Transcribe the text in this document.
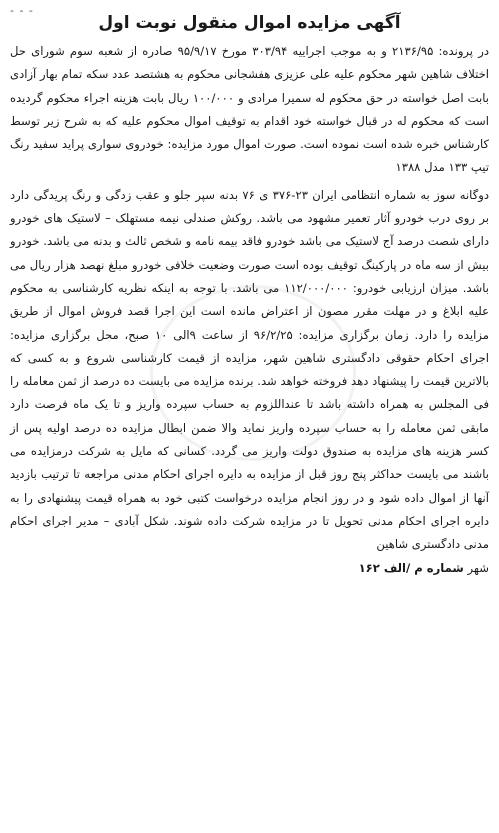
- - -
آگهی مزایده اموال منقول نوبت اول

در پرونده: ۲۱۳۶/۹۵ و به موجب اجراییه ۳۰۳/۹۴ مورخ ۹۵/۹/۱۷ صادره از شعبه سوم شورای حل اختلاف شاهین شهر محکوم علیه علی عزیزی هفشجانی محکوم به هشتصد عدد سکه تمام بهار آزادی بابت اصل خواسته در حق محکوم له سمیرا مرادی و ۱۰۰/۰۰۰ ریال بابت هزینه اجراء محکوم گردیده است که محکوم له در قبال خواسته خود اقدام به توقیف اموال محکوم علیه که به شرح زیر توسط کارشناس خبره شده است نموده است. صورت اموال مورد مزایده: خودروی سواری پراید سفید رنگ تیپ ۱۳۳ مدل ۱۳۸۸

دوگانه سوز به شماره انتظامی ایران ۲۳-۳۷۶ ی ۷۶ بدنه سپر جلو و عقب زدگی و رنگ پریدگی دارد بر روی درب خودرو آثار تعمیر مشهود می باشد. روکش صندلی نیمه مستهلک – لاستیک های خودرو دارای شصت درصد آج لاستیک می باشد خودرو فاقد بیمه نامه و شخص ثالث و بدنه می باشد. خودرو بیش از سه ماه در پارکینگ توقیف بوده است صورت وضعیت خلافی خودرو مبلغ نهصد هزار ریال می باشد. میزان ارزیابی خودرو: ۱۱۲/۰۰۰/۰۰۰ می باشد. با توجه به اینکه نظریه کارشناسی به محکوم علیه ابلاغ و در مهلت مقرر مصون از اعتراض مانده است این اجرا قصد فروش اموال از طریق مزایده را دارد. زمان برگزاری مزایده: ۹۶/۲/۲۵ از ساعت ۹الی ۱۰ صبح، محل برگزاری مزایده: اجرای احکام حقوقی دادگستری شاهین شهر، مزایده از قیمت کارشناسی شروع و به کسی که بالاترین قیمت را پیشنهاد دهد فروخته خواهد شد. برنده مزایده می بایست ده درصد از ثمن معامله را فی المجلس به همراه داشته باشد تا عنداللزوم به حساب سپرده واریز و تا یک ماه فرصت دارد مابقی ثمن معامله را به حساب سپرده واریز نماید والا ضمن ابطال مزایده ده درصد اولیه پس از کسر هزینه های مزایده به صندوق دولت واریز می گردد. کسانی که مایل به شرکت درمزایده می باشند می بایست حداکثر پنج روز قبل از مزایده به دایره اجرای احکام مدنی مراجعه تا ترتیب بازدید آنها از اموال داده شود و در روز انجام مزایده درخواست کتبی خود به همراه قیمت پیشنهادی را به دایره اجرای احکام مدنی تحویل تا در مزایده شرکت داده شوند. شکل آبادی – مدیر اجرای احکام مدنی دادگستری شاهین

شهر شماره م /الف ۱۶۲
